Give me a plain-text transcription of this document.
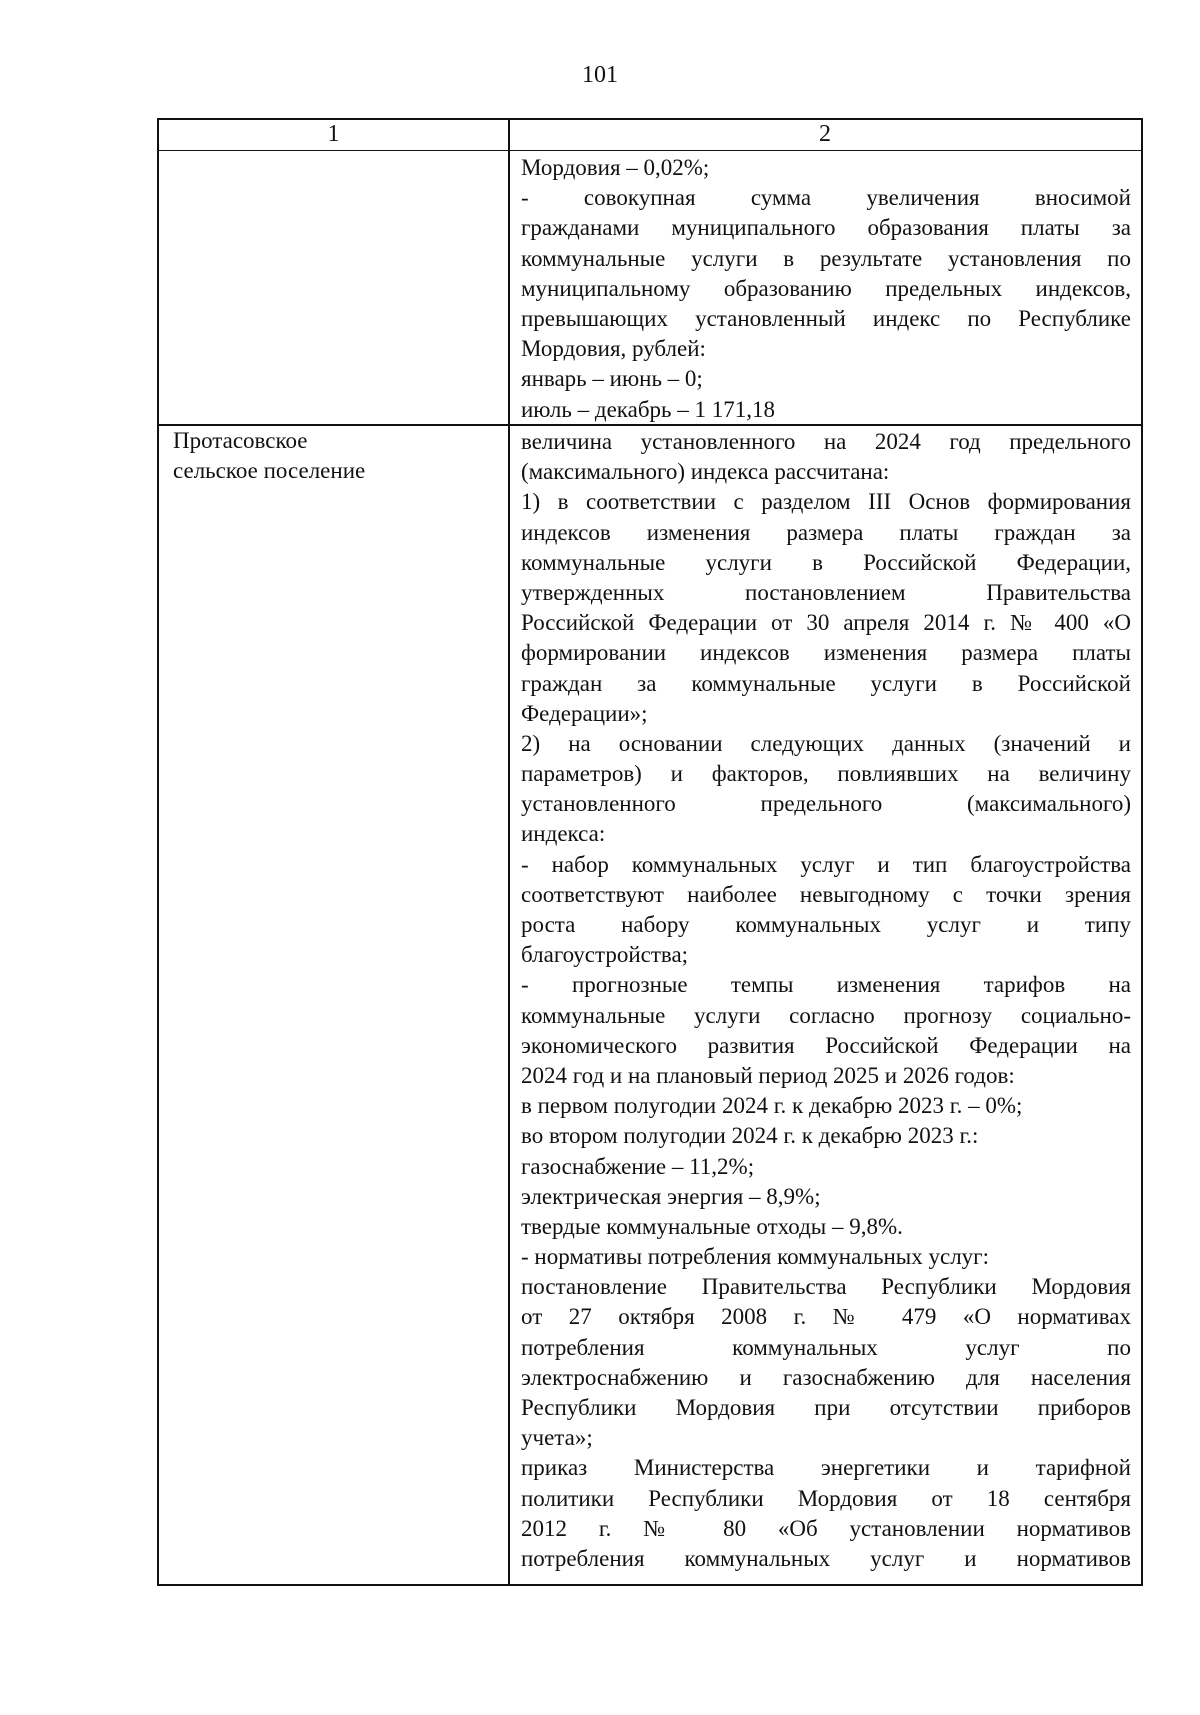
101
1	2
Мордовия – 0,02%;
- совокупная сумма увеличения вносимой
гражданами муниципального образования платы за
коммунальные услуги в результате установления по
муниципальному образованию предельных индексов,
превышающих установленный индекс по Республике
Мордовия, рублей:
январь – июнь – 0;
июль – декабрь – 1 171,18
Протасовское
сельское поселение
величина установленного на 2024 год предельного
(максимального) индекса рассчитана:
1) в соответствии с разделом III Основ формирования
индексов изменения размера платы граждан за
коммунальные услуги в Российской Федерации,
утвержденных постановлением Правительства
Российской Федерации от 30 апреля 2014 г. № 400 «О
формировании индексов изменения размера платы
граждан за коммунальные услуги в Российской
Федерации»;
2) на основании следующих данных (значений и
параметров) и факторов, повлиявших на величину
установленного предельного (максимального)
индекса:
- набор коммунальных услуг и тип благоустройства
соответствуют наиболее невыгодному с точки зрения
роста набору коммунальных услуг и типу
благоустройства;
- прогнозные темпы изменения тарифов на
коммунальные услуги согласно прогнозу социально-
экономического развития Российской Федерации на
2024 год и на плановый период 2025 и 2026 годов:
в первом полугодии 2024 г. к декабрю 2023 г. – 0%;
во втором полугодии 2024 г. к декабрю 2023 г.:
газоснабжение – 11,2%;
электрическая энергия – 8,9%;
твердые коммунальные отходы – 9,8%.
- нормативы потребления коммунальных услуг:
постановление Правительства Республики Мордовия
от 27 октября 2008 г. № 479 «О нормативах
потребления коммунальных услуг по
электроснабжению и газоснабжению для населения
Республики Мордовия при отсутствии приборов
учета»;
приказ Министерства энергетики и тарифной
политики Республики Мордовия от 18 сентября
2012 г. № 80 «Об установлении нормативов
потребления коммунальных услуг и нормативов
